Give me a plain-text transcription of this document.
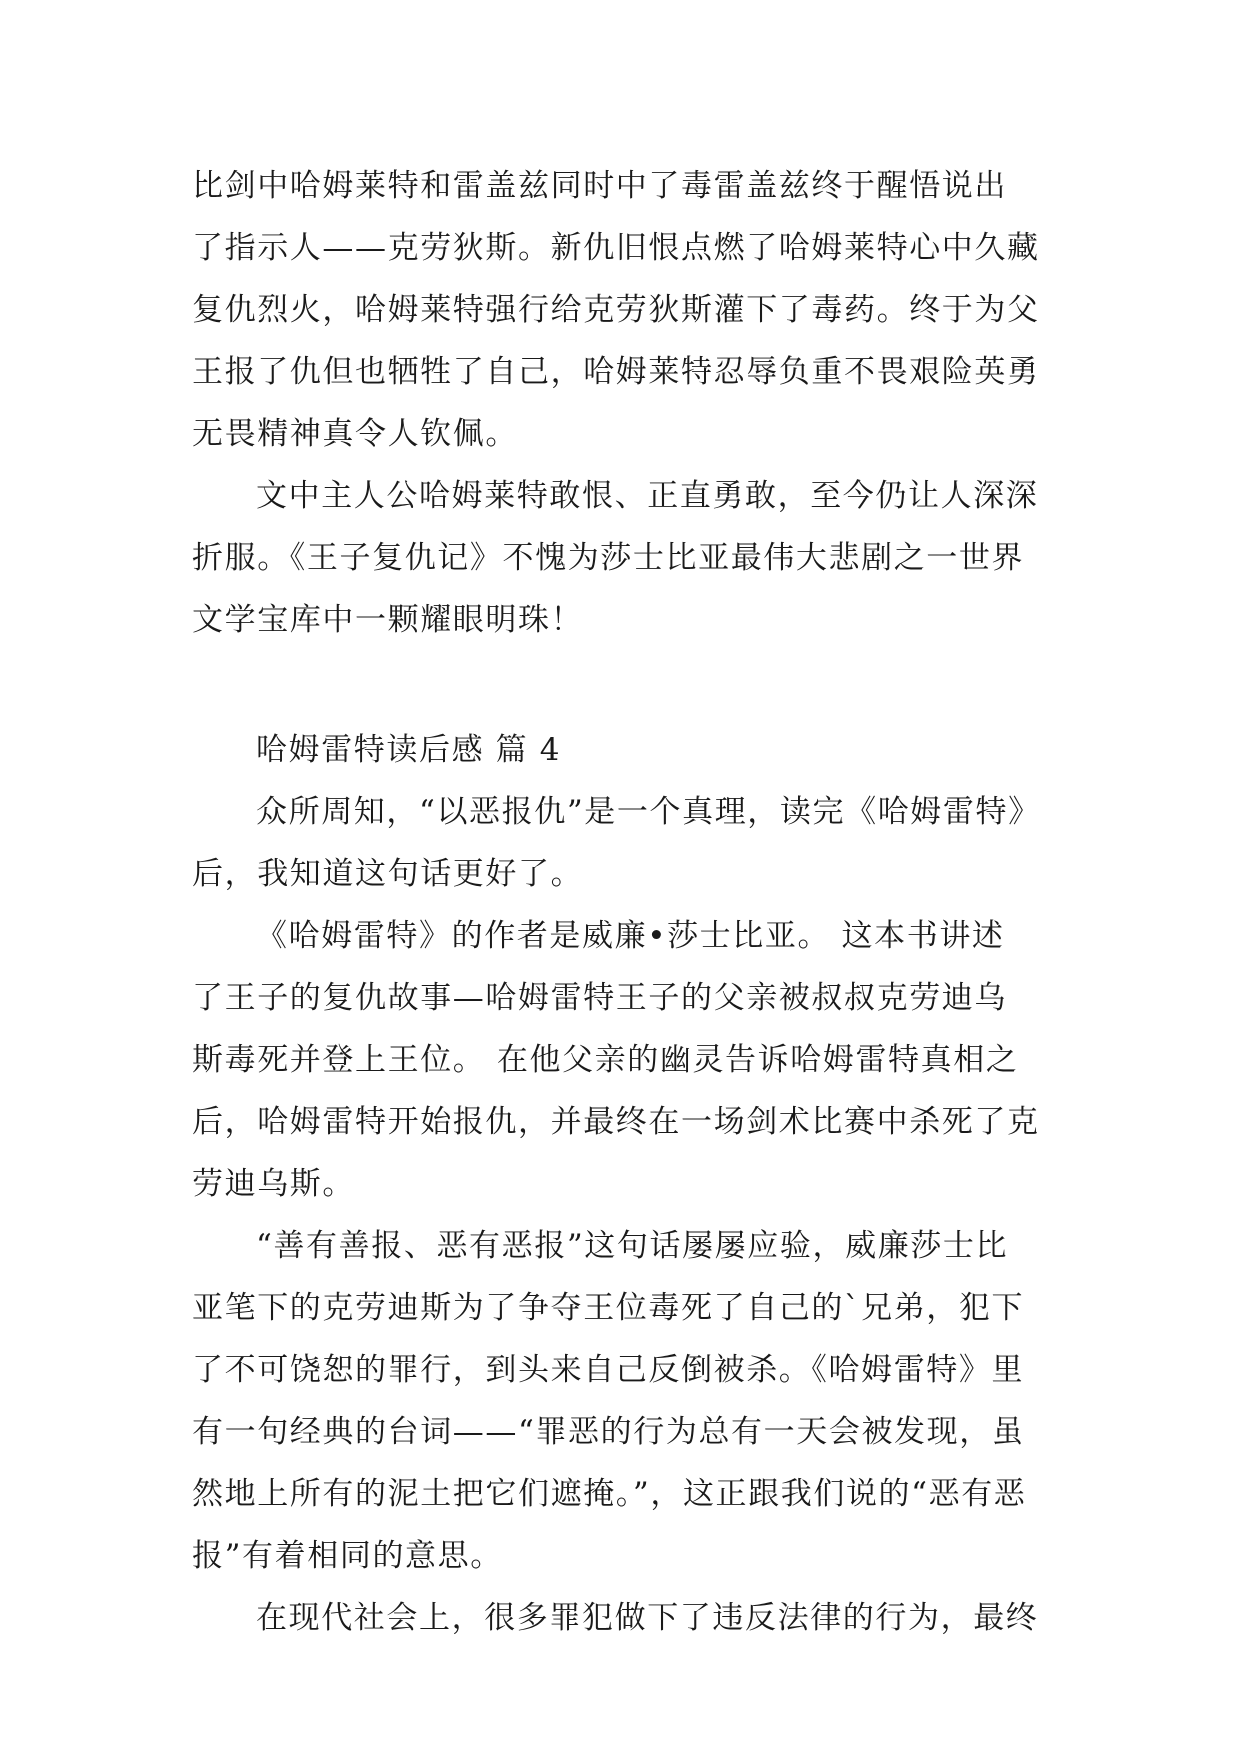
比剑中哈姆莱特和雷盖兹同时中了毒雷盖兹终于醒悟说出
了指示人——克劳狄斯。新仇旧恨点燃了哈姆莱特心中久藏
复仇烈火，哈姆莱特强行给克劳狄斯灌下了毒药。终于为父
王报了仇但也牺牲了自己，哈姆莱特忍辱负重不畏艰险英勇
无畏精神真令人钦佩。
文中主人公哈姆莱特敢恨、正直勇敢，至今仍让人深深
折服。《王子复仇记》不愧为莎士比亚最伟大悲剧之一世界
文学宝库中一颗耀眼明珠！
哈姆雷特读后感 篇 4
众所周知，“以恶报仇”是一个真理，读完《哈姆雷特》
后，我知道这句话更好了。
《哈姆雷特》的作者是威廉•莎士比亚。 这本书讲述
了王子的复仇故事—哈姆雷特王子的父亲被叔叔克劳迪乌
斯毒死并登上王位。 在他父亲的幽灵告诉哈姆雷特真相之
后，哈姆雷特开始报仇，并最终在一场剑术比赛中杀死了克
劳迪乌斯。
“善有善报、恶有恶报”这句话屡屡应验，威廉莎士比
亚笔下的克劳迪斯为了争夺王位毒死了自己的`兄弟，犯下
了不可饶恕的罪行，到头来自己反倒被杀。《哈姆雷特》里
有一句经典的台词——“罪恶的行为总有一天会被发现，虽
然地上所有的泥土把它们遮掩。”，这正跟我们说的“恶有恶
报”有着相同的意思。
在现代社会上，很多罪犯做下了违反法律的行为，最终
